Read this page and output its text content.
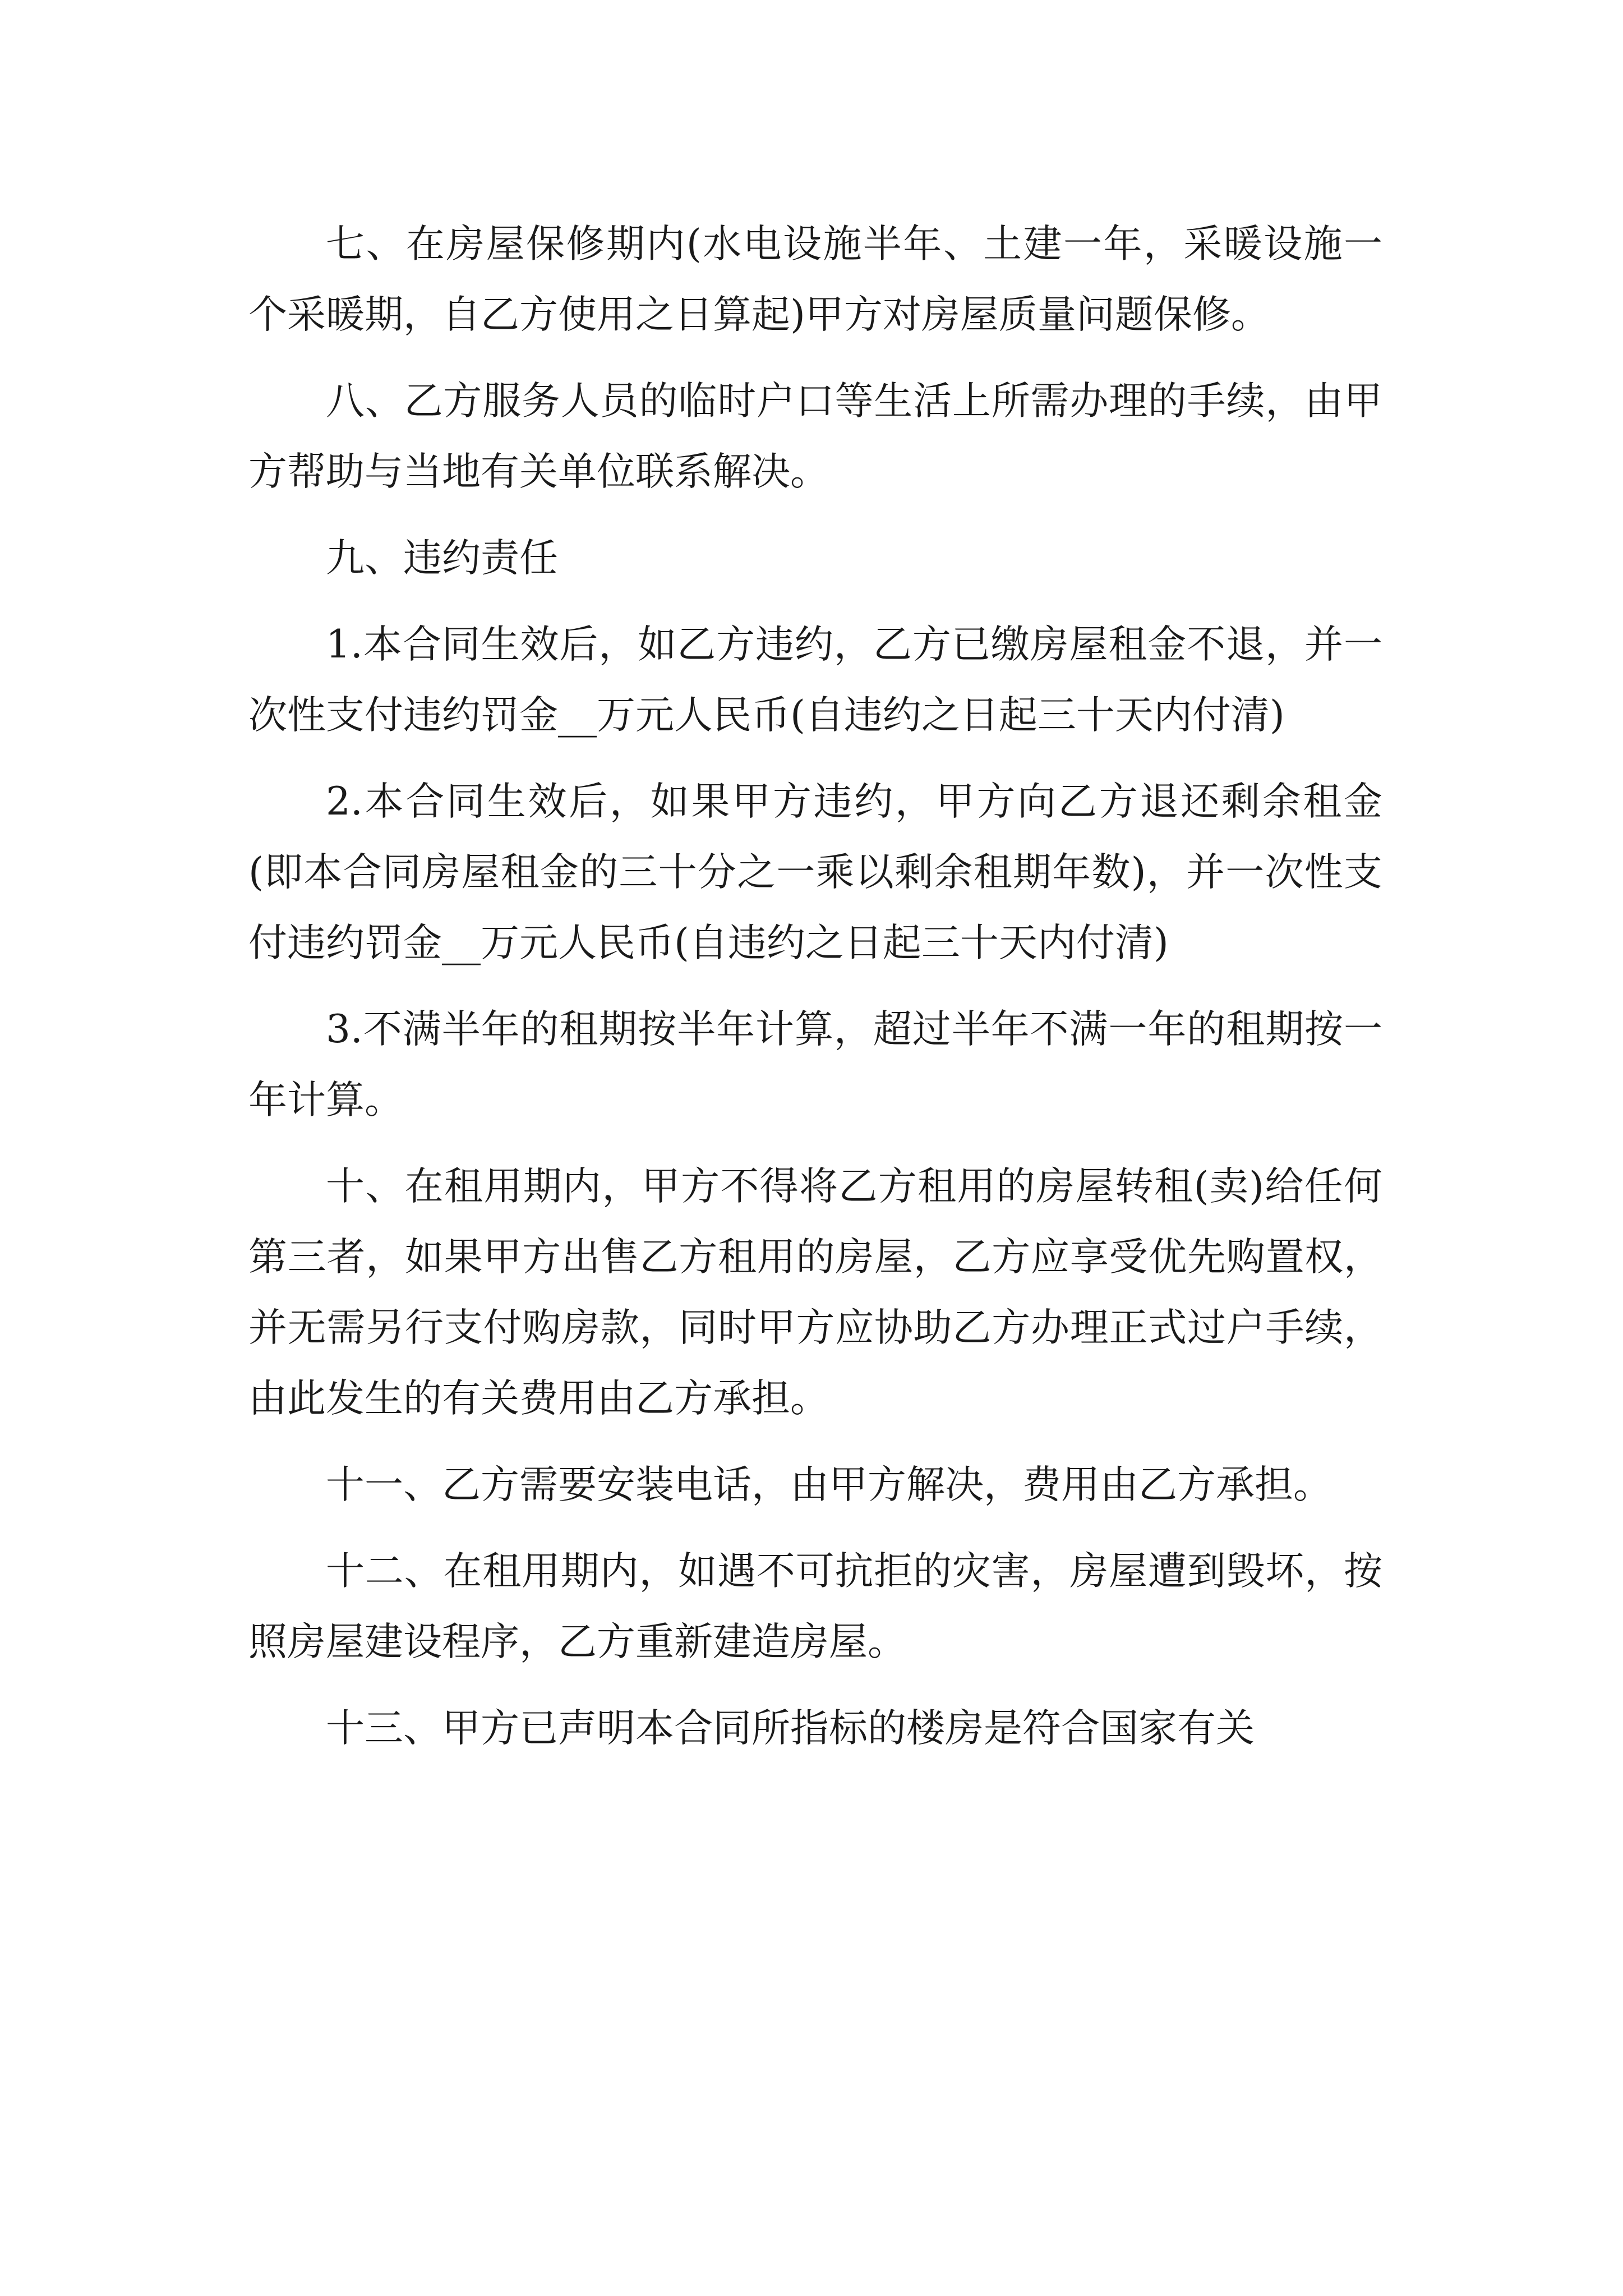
七、在房屋保修期内(水电设施半年、土建一年，采暖设施一个采暖期，自乙方使用之日算起)甲方对房屋质量问题保修。

八、乙方服务人员的临时户口等生活上所需办理的手续，由甲方帮助与当地有关单位联系解决。

九、违约责任

1.本合同生效后，如乙方违约，乙方已缴房屋租金不退，并一次性支付违约罚金__万元人民币(自违约之日起三十天内付清)

2.本合同生效后，如果甲方违约，甲方向乙方退还剩余租金(即本合同房屋租金的三十分之一乘以剩余租期年数)，并一次性支付违约罚金__万元人民币(自违约之日起三十天内付清)

3.不满半年的租期按半年计算，超过半年不满一年的租期按一年计算。

十、在租用期内，甲方不得将乙方租用的房屋转租(卖)给任何第三者，如果甲方出售乙方租用的房屋，乙方应享受优先购置权，并无需另行支付购房款，同时甲方应协助乙方办理正式过户手续，由此发生的有关费用由乙方承担。

十一、乙方需要安装电话，由甲方解决，费用由乙方承担。

十二、在租用期内，如遇不可抗拒的灾害，房屋遭到毁坏，按照房屋建设程序，乙方重新建造房屋。

十三、甲方已声明本合同所指标的楼房是符合国家有关
